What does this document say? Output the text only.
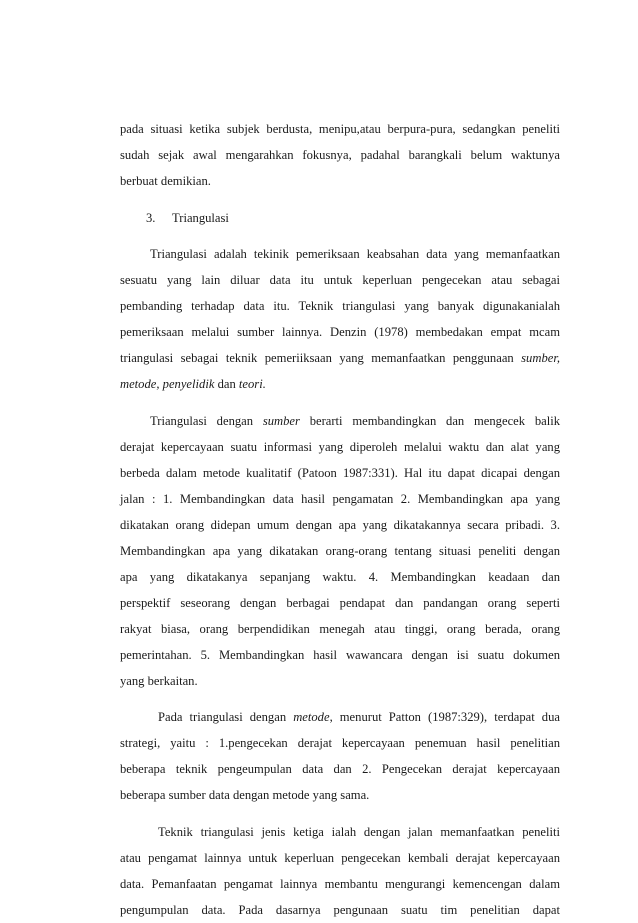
pada situasi ketika subjek berdusta, menipu,atau berpura-pura, sedangkan peneliti
sudah sejak awal mengarahkan fokusnya, padahal barangkali belum waktunya
berbuat demikian.
3. Triangulasi
Triangulasi adalah tekinik pemeriksaan keabsahan data yang memanfaatkan
sesuatu yang lain diluar data itu untuk keperluan pengecekan atau sebagai
pembanding terhadap data itu. Teknik triangulasi yang banyak digunakanialah
pemeriksaan melalui sumber lainnya. Denzin (1978) membedakan empat mcam
triangulasi sebagai teknik pemeriiksaan yang memanfaatkan penggunaan sumber,
metode, penyelidik dan teori.
Triangulasi dengan sumber berarti membandingkan dan mengecek balik
derajat kepercayaan suatu informasi yang diperoleh melalui waktu dan alat yang
berbeda dalam metode kualitatif (Patoon 1987:331). Hal itu dapat dicapai dengan
jalan : 1. Membandingkan data hasil pengamatan 2. Membandingkan apa yang
dikatakan orang didepan umum dengan apa yang dikatakannya secara pribadi. 3.
Membandingkan apa yang dikatakan orang-orang tentang situasi peneliti dengan
apa yang dikatakanya sepanjang waktu. 4. Membandingkan keadaan dan
perspektif seseorang dengan berbagai pendapat dan pandangan orang seperti
rakyat biasa, orang berpendidikan menegah atau tinggi, orang berada, orang
pemerintahan. 5. Membandingkan hasil wawancara dengan isi suatu dokumen
yang berkaitan.
Pada triangulasi dengan metode, menurut Patton (1987:329), terdapat dua
strategi, yaitu : 1.pengecekan derajat kepercayaan penemuan hasil penelitian
beberapa teknik pengeumpulan data dan 2. Pengecekan derajat kepercayaan
beberapa sumber data dengan metode yang sama.
Teknik triangulasi jenis ketiga ialah dengan jalan memanfaatkan peneliti
atau pengamat lainnya untuk keperluan pengecekan kembali derajat kepercayaan
data. Pemanfaatan pengamat lainnya membantu mengurangi kemencengan dalam
pengumpulan data. Pada dasarnya pengunaan suatu tim penelitian dapat
